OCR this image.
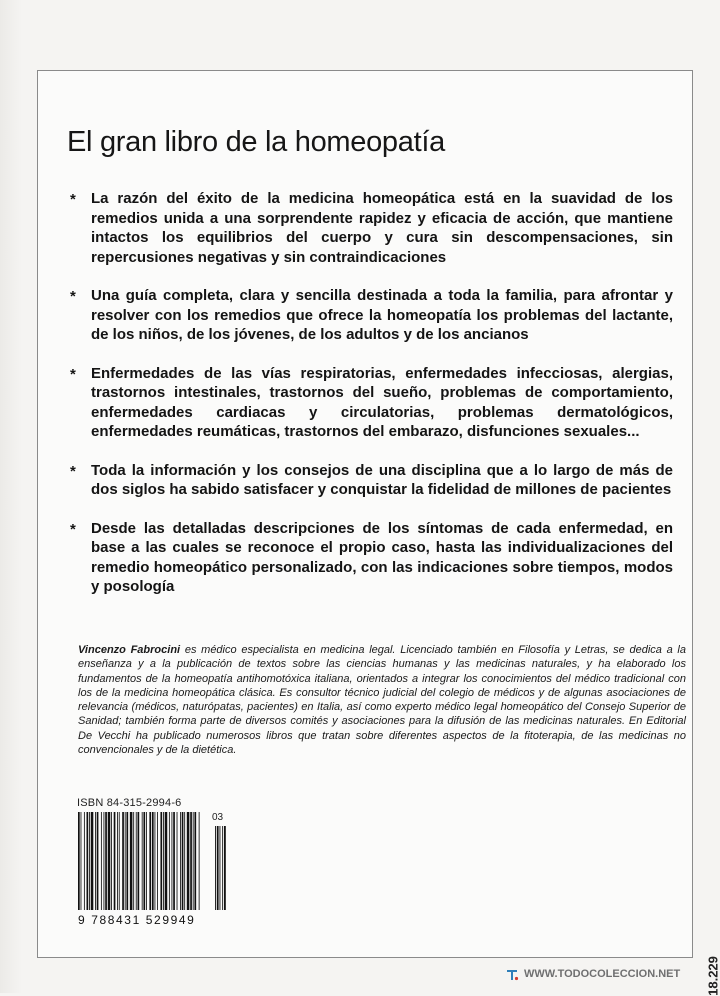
El gran libro de la homeopatía
* La razón del éxito de la medicina homeopática está en la suavidad de los remedios unida a una sorprendente rapidez y eficacia de acción, que mantiene intactos los equilibrios del cuerpo y cura sin descompensaciones, sin repercusiones negativas y sin contraindicaciones
* Una guía completa, clara y sencilla destinada a toda la familia, para afrontar y resolver con los remedios que ofrece la homeopatía los problemas del lactante, de los niños, de los jóvenes, de los adultos y de los ancianos
* Enfermedades de las vías respiratorias, enfermedades infecciosas, alergias, trastornos intestinales, trastornos del sueño, problemas de comportamiento, enfermedades cardiacas y circulatorias, problemas dermatológicos, enfermedades reumáticas, trastornos del embarazo, disfunciones sexuales...
* Toda la información y los consejos de una disciplina que a lo largo de más de dos siglos ha sabido satisfacer y conquistar la fidelidad de millones de pacientes
* Desde las detalladas descripciones de los síntomas de cada enfermedad, en base a las cuales se reconoce el propio caso, hasta las individualizaciones del remedio homeopático personalizado, con las indicaciones sobre tiempos, modos y posología
Vincenzo Fabrocini es médico especialista en medicina legal. Licenciado también en Filosofía y Letras, se dedica a la enseñanza y a la publicación de textos sobre las ciencias humanas y las medicinas naturales, y ha elaborado los fundamentos de la homeopatía antihomotóxica italiana, orientados a integrar los conocimientos del médico tradicional con los de la medicina homeopática clásica. Es consultor técnico judicial del colegio de médicos y de algunas asociaciones de relevancia (médicos, naturópatas, pacientes) en Italia, así como experto médico legal homeopático del Consejo Superior de Sanidad; también forma parte de diversos comités y asociaciones para la difusión de las medicinas naturales. En Editorial De Vecchi ha publicado numerosos libros que tratan sobre diferentes aspectos de la fitoterapia, de las medicinas no convencionales y de la dietética.
ISBN 84-315-2994-6
03
9 788431 529949
18.229
WWW.TODOCOLECCION.NET
